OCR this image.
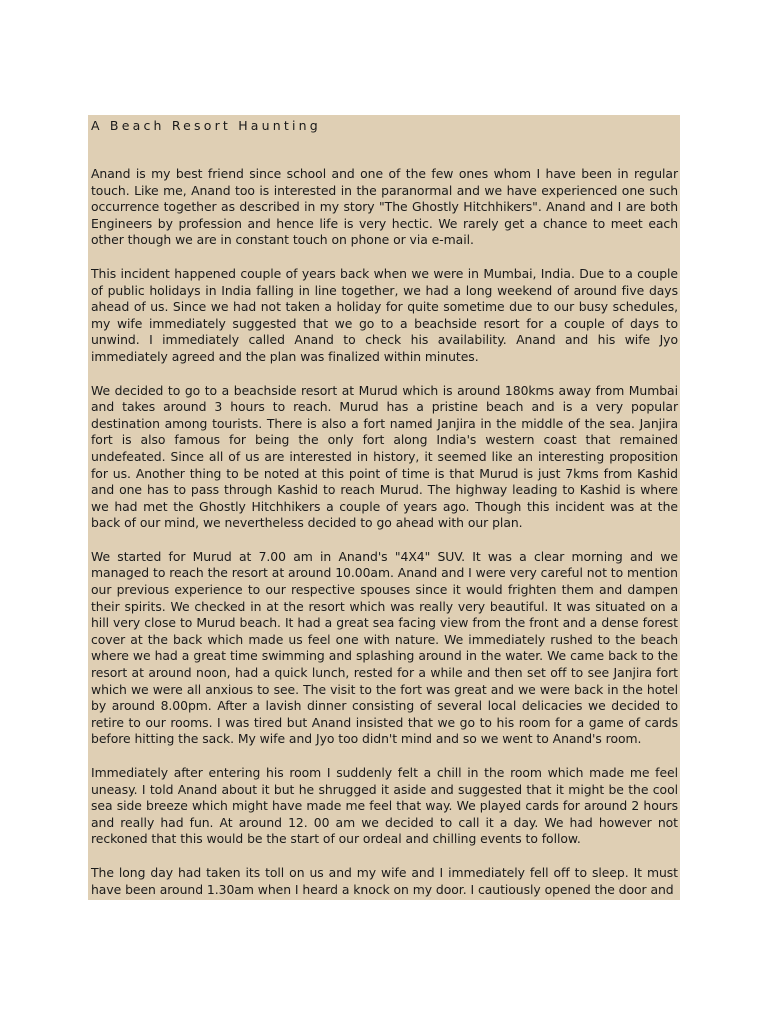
A Beach Resort Haunting

Anand is my best friend since school and one of the few ones whom I have been in regular touch. Like me, Anand too is interested in the paranormal and we have experienced one such occurrence together as described in my story "The Ghostly Hitchhikers". Anand and I are both Engineers by profession and hence life is very hectic. We rarely get a chance to meet each other though we are in constant touch on phone or via e-mail.

This incident happened couple of years back when we were in Mumbai, India. Due to a couple of public holidays in India falling in line together, we had a long weekend of around five days ahead of us. Since we had not taken a holiday for quite sometime due to our busy schedules, my wife immediately suggested that we go to a beachside resort for a couple of days to unwind. I immediately called Anand to check his availability. Anand and his wife Jyo immediately agreed and the plan was finalized within minutes.

We decided to go to a beachside resort at Murud which is around 180kms away from Mumbai and takes around 3 hours to reach. Murud has a pristine beach and is a very popular destination among tourists. There is also a fort named Janjira in the middle of the sea. Janjira fort is also famous for being the only fort along India's western coast that remained undefeated. Since all of us are interested in history, it seemed like an interesting proposition for us. Another thing to be noted at this point of time is that Murud is just 7kms from Kashid and one has to pass through Kashid to reach Murud. The highway leading to Kashid is where we had met the Ghostly Hitchhikers a couple of years ago. Though this incident was at the back of our mind, we nevertheless decided to go ahead with our plan.

We started for Murud at 7.00 am in Anand's "4X4" SUV. It was a clear morning and we managed to reach the resort at around 10.00am. Anand and I were very careful not to mention our previous experience to our respective spouses since it would frighten them and dampen their spirits. We checked in at the resort which was really very beautiful. It was situated on a hill very close to Murud beach. It had a great sea facing view from the front and a dense forest cover at the back which made us feel one with nature. We immediately rushed to the beach where we had a great time swimming and splashing around in the water. We came back to the resort at around noon, had a quick lunch, rested for a while and then set off to see Janjira fort which we were all anxious to see. The visit to the fort was great and we were back in the hotel by around 8.00pm. After a lavish dinner consisting of several local delicacies we decided to retire to our rooms. I was tired but Anand insisted that we go to his room for a game of cards before hitting the sack. My wife and Jyo too didn't mind and so we went to Anand's room.

Immediately after entering his room I suddenly felt a chill in the room which made me feel uneasy. I told Anand about it but he shrugged it aside and suggested that it might be the cool sea side breeze which might have made me feel that way. We played cards for around 2 hours and really had fun. At around 12. 00 am we decided to call it a day. We had however not reckoned that this would be the start of our ordeal and chilling events to follow.

The long day had taken its toll on us and my wife and I immediately fell off to sleep. It must have been around 1.30am when I heard a knock on my door. I cautiously opened the door and
